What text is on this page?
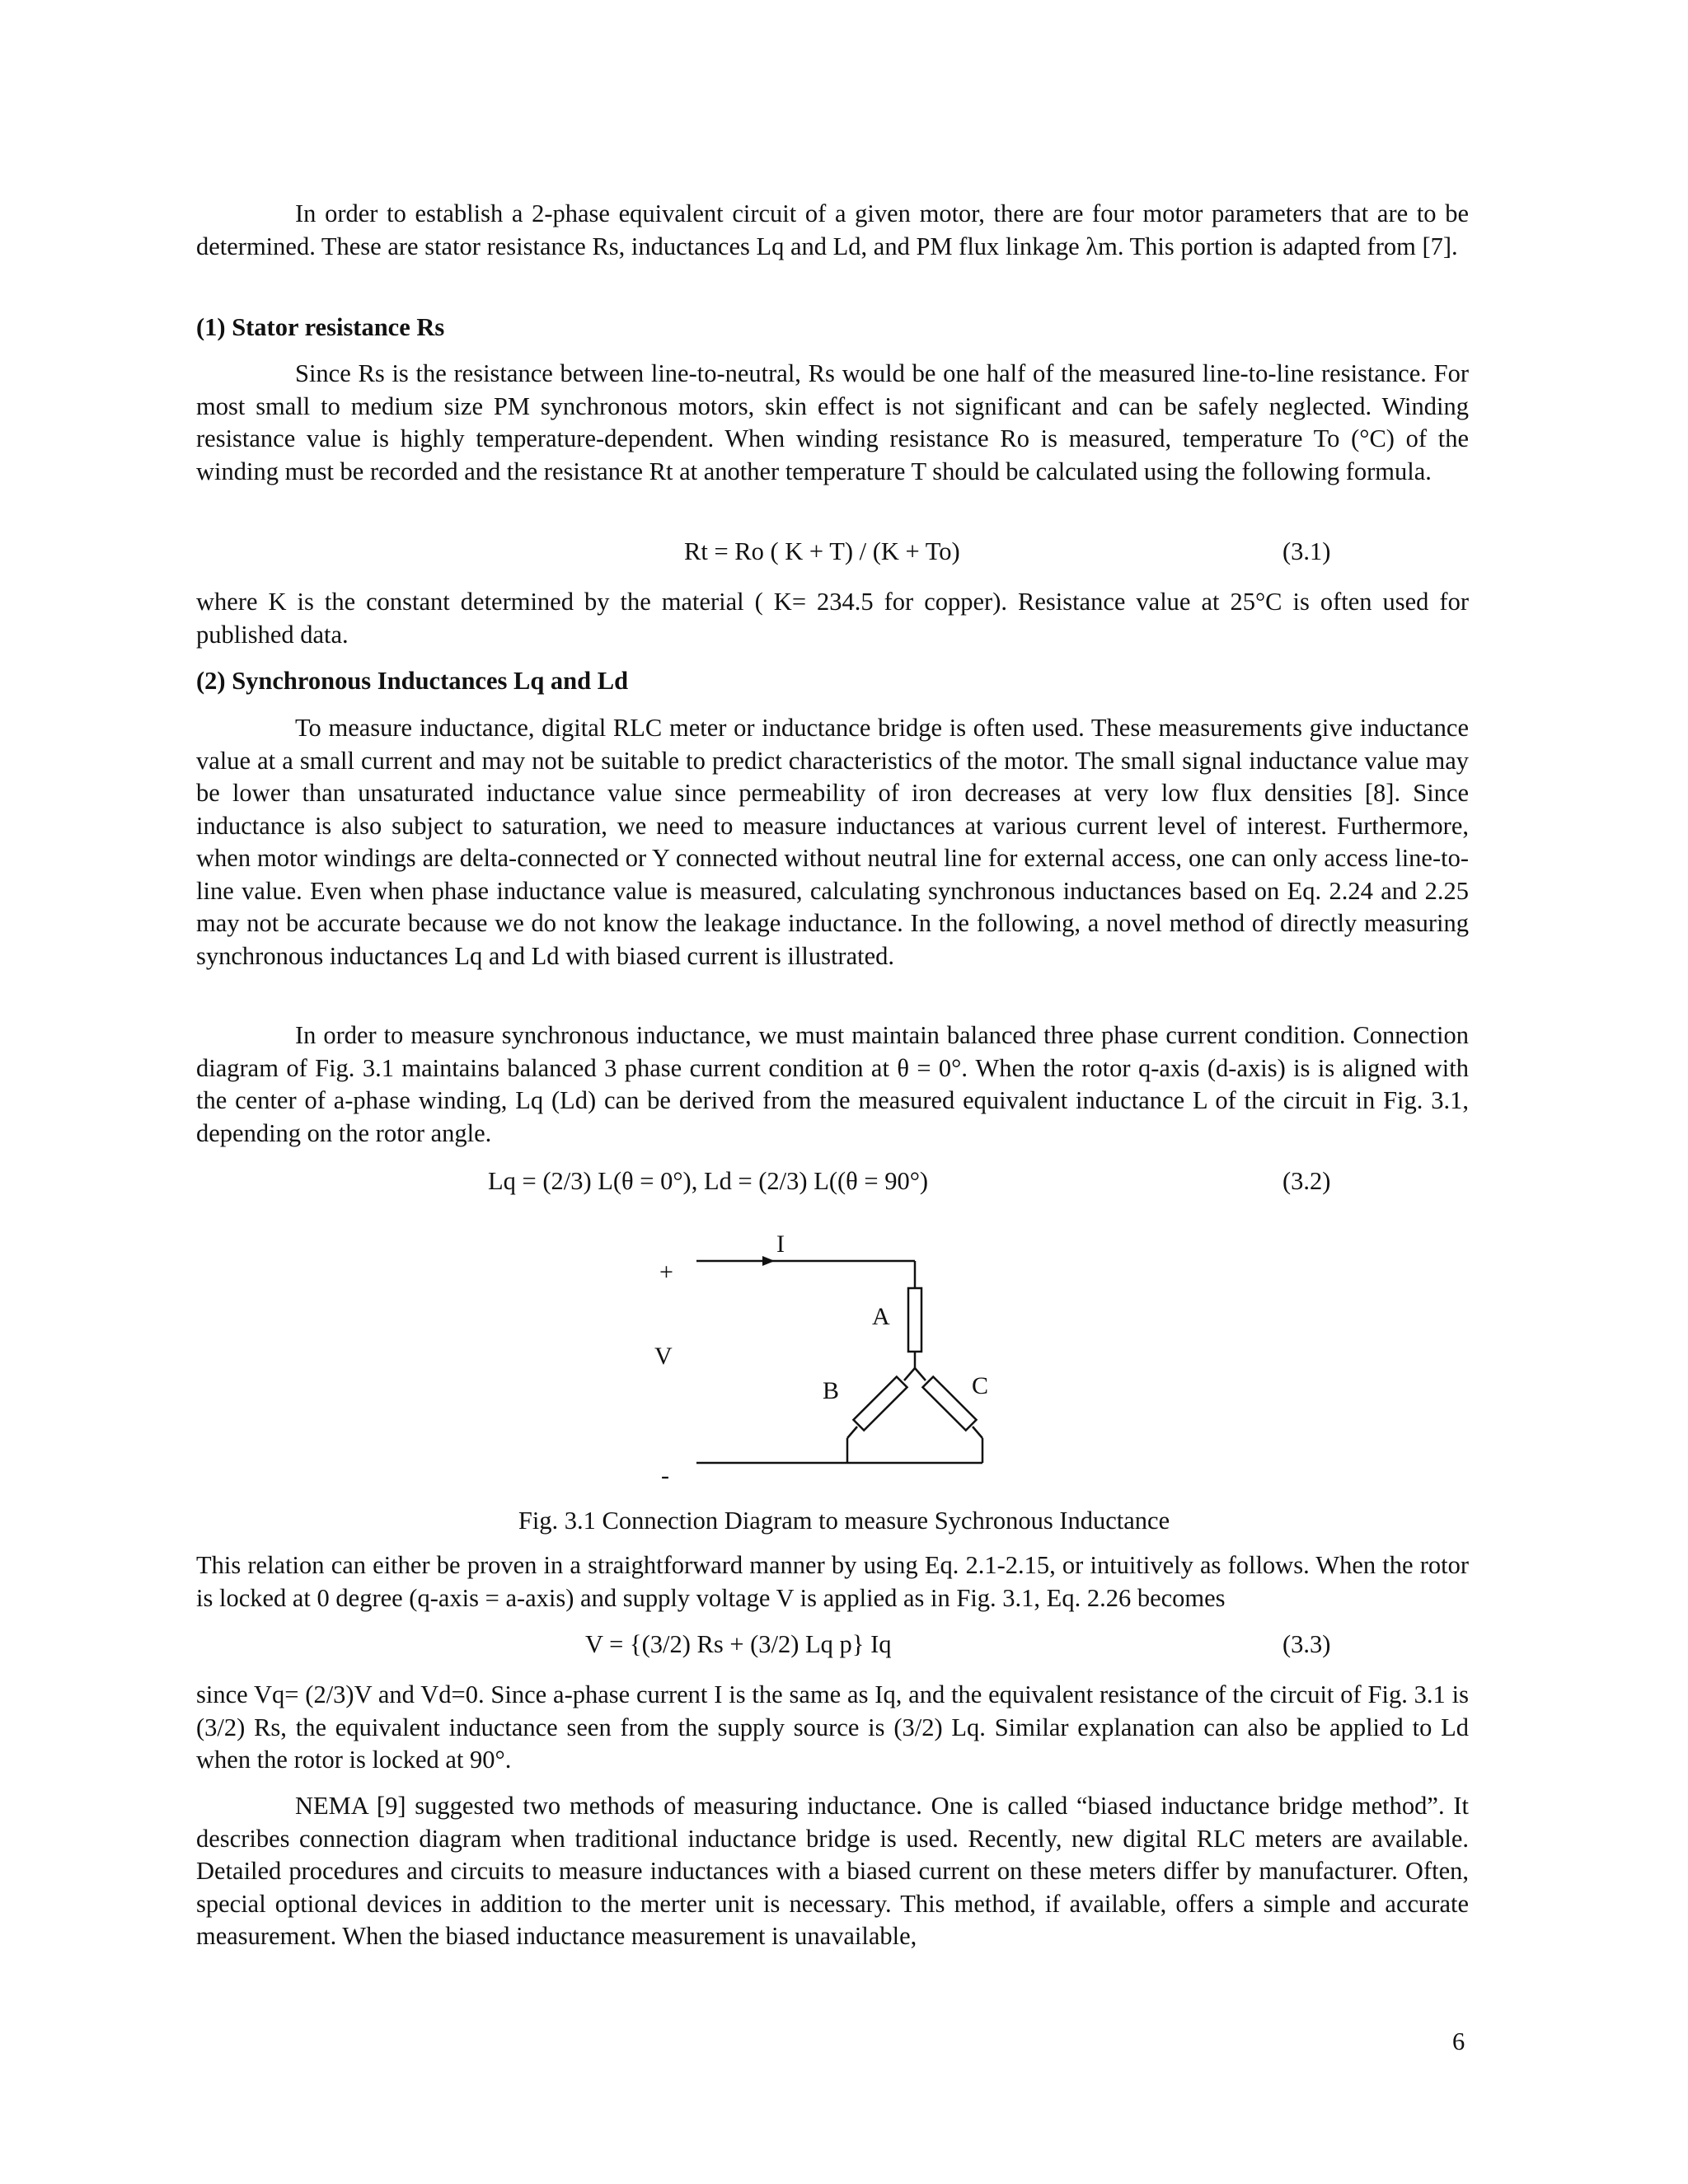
In order to establish a 2-phase equivalent circuit of a given motor, there are four motor parameters that are to be determined. These are stator resistance Rs, inductances Lq and Ld, and PM flux linkage λm. This portion is adapted from [7].

(1) Stator resistance Rs

Since Rs is the resistance between line-to-neutral, Rs would be one half of the measured line-to-line resistance. For most small to medium size PM synchronous motors, skin effect is not significant and can be safely neglected. Winding resistance value is highly temperature-dependent. When winding resistance Ro is measured, temperature To (°C) of the winding must be recorded and the resistance Rt at another temperature T should be calculated using the following formula.

Rt = Ro ( K + T) / (K + To)	(3.1)

where K is the constant determined by the material ( K= 234.5 for copper). Resistance value at 25°C is often used for published data.

(2) Synchronous Inductances Lq and Ld

To measure inductance, digital RLC meter or inductance bridge is often used. These measurements give inductance value at a small current and may not be suitable to predict characteristics of the motor. The small signal inductance value may be lower than unsaturated inductance value since permeability of iron decreases at very low flux densities [8]. Since inductance is also subject to saturation, we need to measure inductances at various current level of interest. Furthermore, when motor windings are delta-connected or Y connected without neutral line for external access, one can only access line-to-line value. Even when phase inductance value is measured, calculating synchronous inductances based on Eq. 2.24 and 2.25 may not be accurate because we do not know the leakage inductance. In the following, a novel method of directly measuring synchronous inductances Lq and Ld with biased current is illustrated.

In order to measure synchronous inductance, we must maintain balanced three phase current condition. Connection diagram of Fig. 3.1 maintains balanced 3 phase current condition at θ = 0°. When the rotor q-axis (d-axis) is is aligned with the center of a-phase winding, Lq (Ld) can be derived from the measured equivalent inductance L of the circuit in Fig. 3.1, depending on the rotor angle.

Lq = (2/3) L(θ = 0°), Ld = (2/3) L((θ = 90°)	(3.2)

+
V
-
I
A
B	C

Fig. 3.1 Connection Diagram to measure Sychronous Inductance

This relation can either be proven in a straightforward manner by using Eq. 2.1-2.15, or intuitively as follows. When the rotor is locked at 0 degree (q-axis = a-axis) and supply voltage V is applied as in Fig. 3.1, Eq. 2.26 becomes

V = {(3/2) Rs + (3/2) Lq p} Iq	(3.3)

since Vq= (2/3)V and Vd=0. Since a-phase current I is the same as Iq, and the equivalent resistance of the circuit of Fig. 3.1 is (3/2) Rs, the equivalent inductance seen from the supply source is (3/2) Lq. Similar explanation can also be applied to Ld when the rotor is locked at 90°.

NEMA [9] suggested two methods of measuring inductance. One is called “biased inductance bridge method”. It describes connection diagram when traditional inductance bridge is used. Recently, new digital RLC meters are available. Detailed procedures and circuits to measure inductances with a biased current on these meters differ by manufacturer. Often, special optional devices in addition to the merter unit is necessary. This method, if available, offers a simple and accurate measurement. When the biased inductance measurement is unavailable,

6
